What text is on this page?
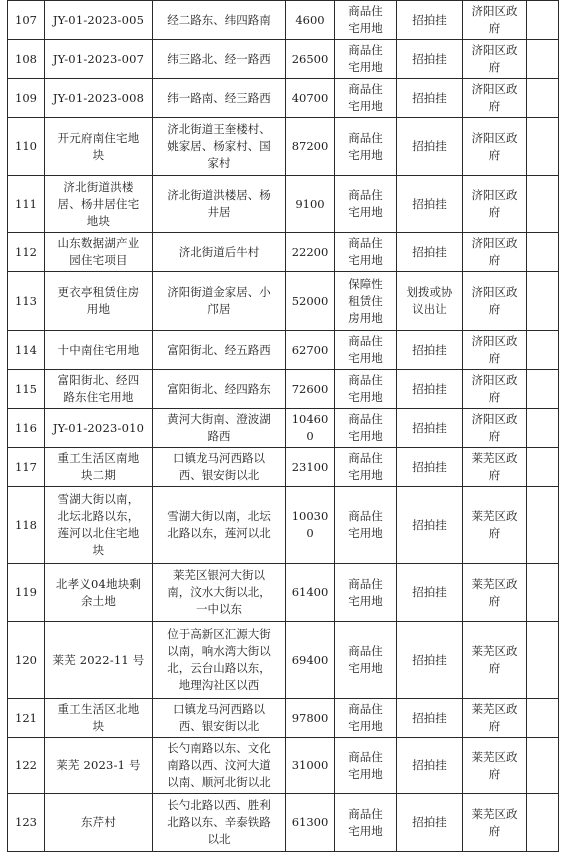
107	JY-01-2023-005	经二路东、纬四路南	4600	商品住
宅用地	招拍挂	济阳区政
府	
108	JY-01-2023-007	纬三路北、经一路西	26500	商品住
宅用地	招拍挂	济阳区政
府	
109	JY-01-2023-008	纬一路南、经三路西	40700	商品住
宅用地	招拍挂	济阳区政
府	
110	开元府南住宅地
块	济北街道王奎楼村、
姚家居、杨家村、国
家村	87200	商品住
宅用地	招拍挂	济阳区政
府	
111	济北街道洪楼
居、杨井居住宅
地块	济北街道洪楼居、杨
井居	9100	商品住
宅用地	招拍挂	济阳区政
府	
112	山东数据湖产业
园住宅项目	济北街道后牛村	22200	商品住
宅用地	招拍挂	济阳区政
府	
113	更衣亭租赁住房
用地	济阳街道金家居、小
邝居	52000	保障性
租赁住
房用地	划拨或协
议出让	济阳区政
府	
114	十中南住宅用地	富阳街北、经五路西	62700	商品住
宅用地	招拍挂	济阳区政
府	
115	富阳街北、经四
路东住宅用地	富阳街北、经四路东	72600	商品住
宅用地	招拍挂	济阳区政
府	
116	JY-01-2023-010	黄河大街南、澄波湖
路西	10460
0	商品住
宅用地	招拍挂	济阳区政
府	
117	重工生活区南地
块二期	口镇龙马河西路以
西、银安街以北	23100	商品住
宅用地	招拍挂	莱芜区政
府	
118	雪湖大街以南，
北坛北路以东，
莲河以北住宅地
块	雪湖大街以南，北坛
北路以东，莲河以北	10030
0	商品住
宅用地	招拍挂	莱芜区政
府	
119	北孝义04地块剩
余土地	莱芜区银河大街以
南，汶水大街以北，
一中以东	61400	商品住
宅用地	招拍挂	莱芜区政
府	
120	莱芜 2022-11 号	位于高新区汇源大街
以南，响水湾大街以
北，云台山路以东，
地理沟社区以西	69400	商品住
宅用地	招拍挂	莱芜区政
府	
121	重工生活区北地
块	口镇龙马河西路以
西、银安街以北	97800	商品住
宅用地	招拍挂	莱芜区政
府	
122	莱芜 2023-1 号	长勺南路以东、文化
南路以西、汶河大道
以南、顺河北街以北	31000	商品住
宅用地	招拍挂	莱芜区政
府	
123	东芹村	长勺北路以西、胜利
北路以东、辛泰铁路
以北	61300	商品住
宅用地	招拍挂	莱芜区政
府	
